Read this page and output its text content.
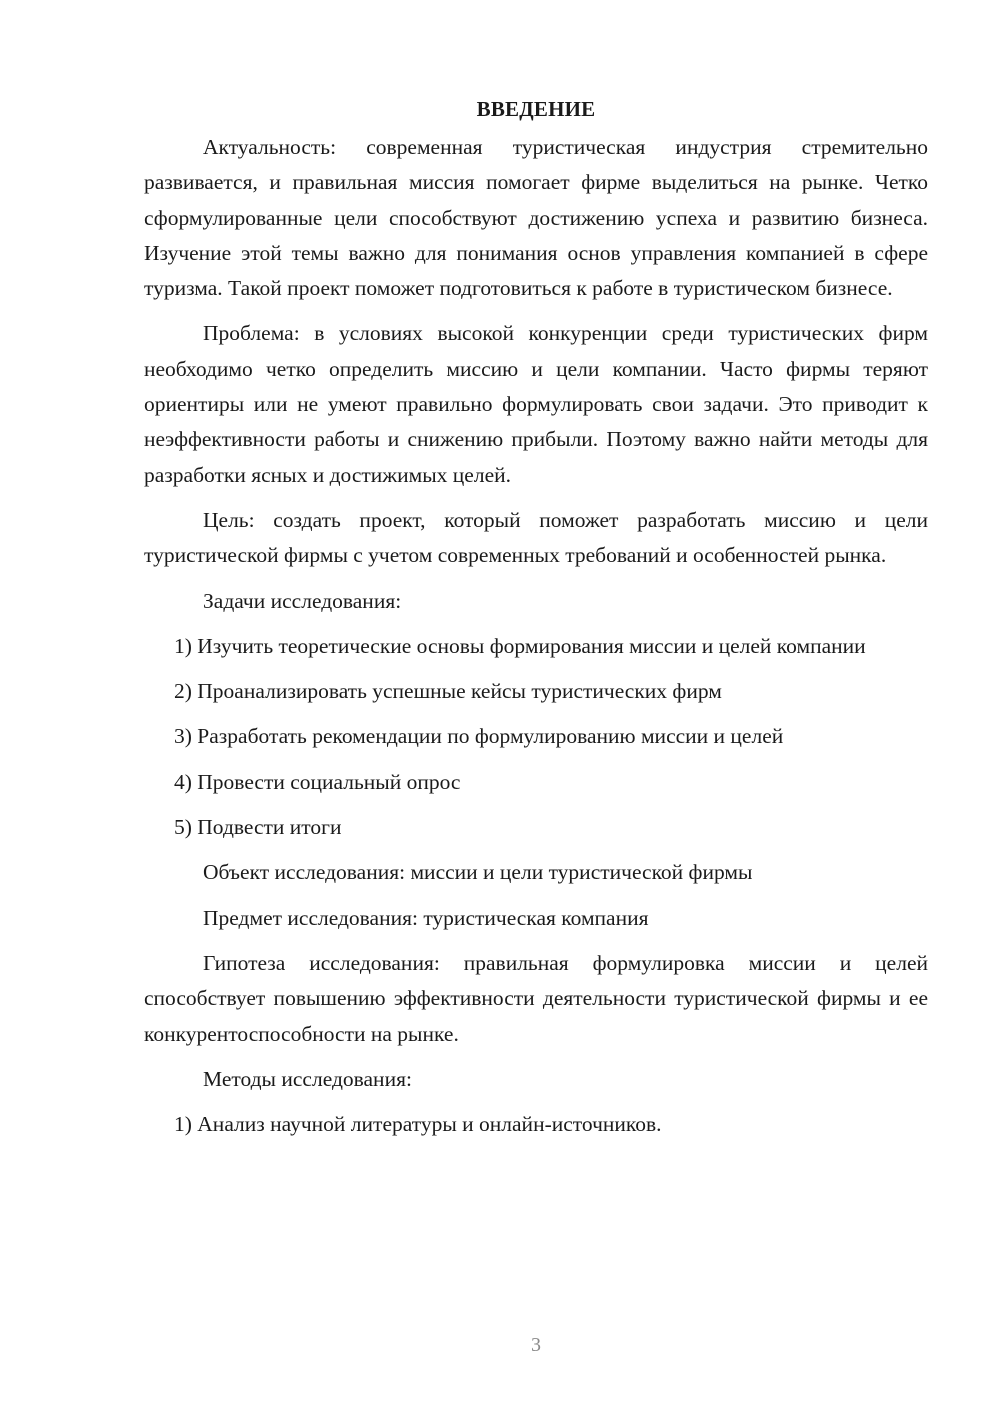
ВВЕДЕНИЕ

Актуальность: современная туристическая индустрия стремительно развивается, и правильная миссия помогает фирме выделиться на рынке. Четко сформулированные цели способствуют достижению успеха и развитию бизнеса. Изучение этой темы важно для понимания основ управления компанией в сфере туризма. Такой проект поможет подготовиться к работе в туристическом бизнесе.

Проблема: в условиях высокой конкуренции среди туристических фирм необходимо четко определить миссию и цели компании. Часто фирмы теряют ориентиры или не умеют правильно формулировать свои задачи. Это приводит к неэффективности работы и снижению прибыли. Поэтому важно найти методы для разработки ясных и достижимых целей.

Цель: создать проект, который поможет разработать миссию и цели туристической фирмы с учетом современных требований и особенностей рынка.

Задачи исследования:

1) Изучить теоретические основы формирования миссии и целей компании

2) Проанализировать успешные кейсы туристических фирм

3) Разработать рекомендации по формулированию миссии и целей

4) Провести социальный опрос

5) Подвести итоги

Объект исследования: миссии и цели туристической фирмы

Предмет исследования: туристическая компания

Гипотеза исследования: правильная формулировка миссии и целей способствует повышению эффективности деятельности туристической фирмы и ее конкурентоспособности на рынке.

Методы исследования:

1) Анализ научной литературы и онлайн-источников.

3
